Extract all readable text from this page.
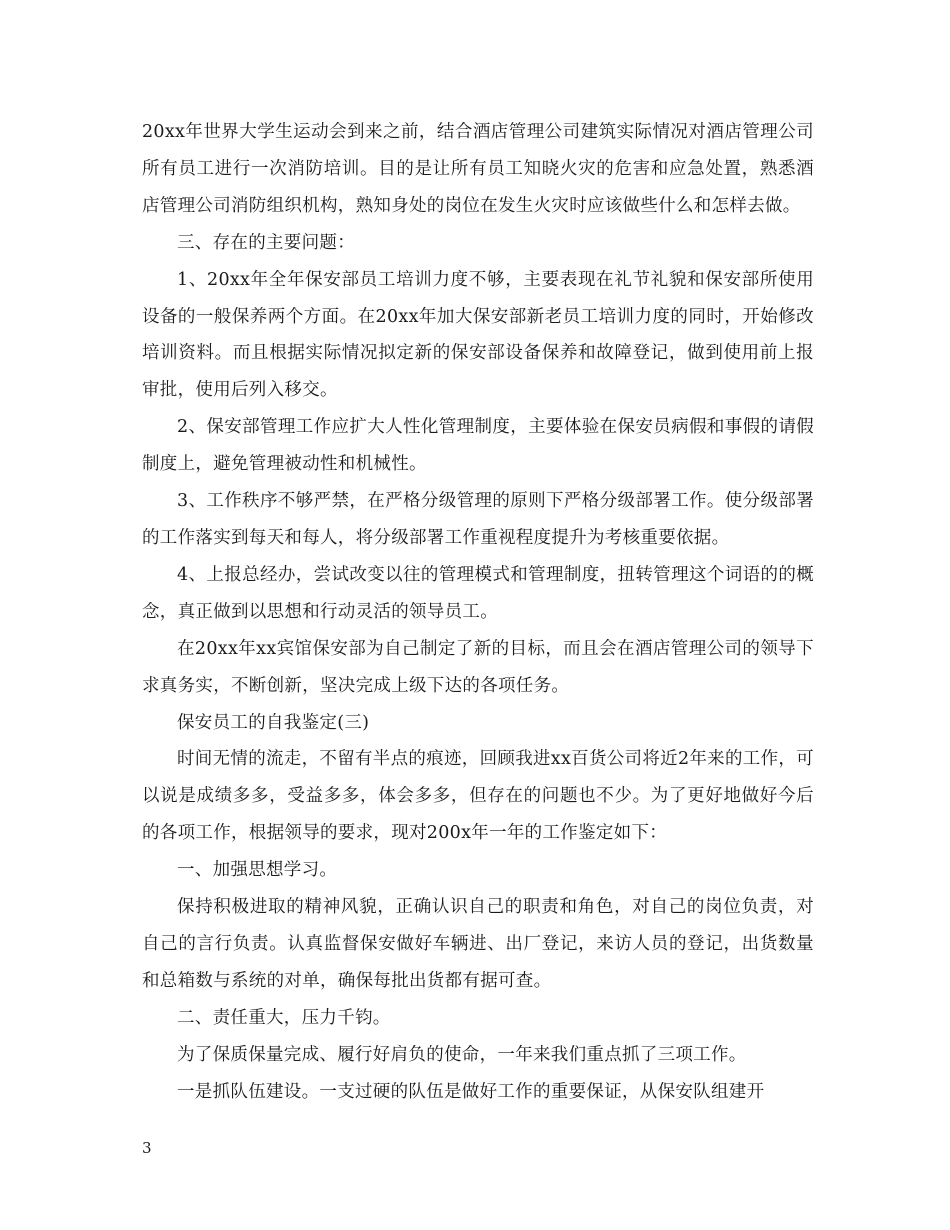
20xx年世界大学生运动会到来之前，结合酒店管理公司建筑实际情况对酒店管理公司所有员工进行一次消防培训。目的是让所有员工知晓火灾的危害和应急处置，熟悉酒店管理公司消防组织机构，熟知身处的岗位在发生火灾时应该做些什么和怎样去做。

三、存在的主要问题：

1、20xx年全年保安部员工培训力度不够，主要表现在礼节礼貌和保安部所使用设备的一般保养两个方面。在20xx年加大保安部新老员工培训力度的同时，开始修改培训资料。而且根据实际情况拟定新的保安部设备保养和故障登记，做到使用前上报审批，使用后列入移交。

2、保安部管理工作应扩大人性化管理制度，主要体验在保安员病假和事假的请假制度上，避免管理被动性和机械性。

3、工作秩序不够严禁，在严格分级管理的原则下严格分级部署工作。使分级部署的工作落实到每天和每人，将分级部署工作重视程度提升为考核重要依据。

4、上报总经办，尝试改变以往的管理模式和管理制度，扭转管理这个词语的的概念，真正做到以思想和行动灵活的领导员工。

在20xx年xx宾馆保安部为自己制定了新的目标，而且会在酒店管理公司的领导下求真务实，不断创新，坚决完成上级下达的各项任务。

保安员工的自我鉴定(三)

时间无情的流走，不留有半点的痕迹，回顾我进xx百货公司将近2年来的工作，可以说是成绩多多，受益多多，体会多多，但存在的问题也不少。为了更好地做好今后的各项工作，根据领导的要求，现对200x年一年的工作鉴定如下：

一、加强思想学习。

保持积极进取的精神风貌，正确认识自己的职责和角色，对自己的岗位负责，对自己的言行负责。认真监督保安做好车辆进、出厂登记，来访人员的登记，出货数量和总箱数与系统的对单，确保每批出货都有据可查。

二、责任重大，压力千钧。

为了保质保量完成、履行好肩负的使命，一年来我们重点抓了三项工作。

一是抓队伍建设。一支过硬的队伍是做好工作的重要保证，从保安队组建开

3
